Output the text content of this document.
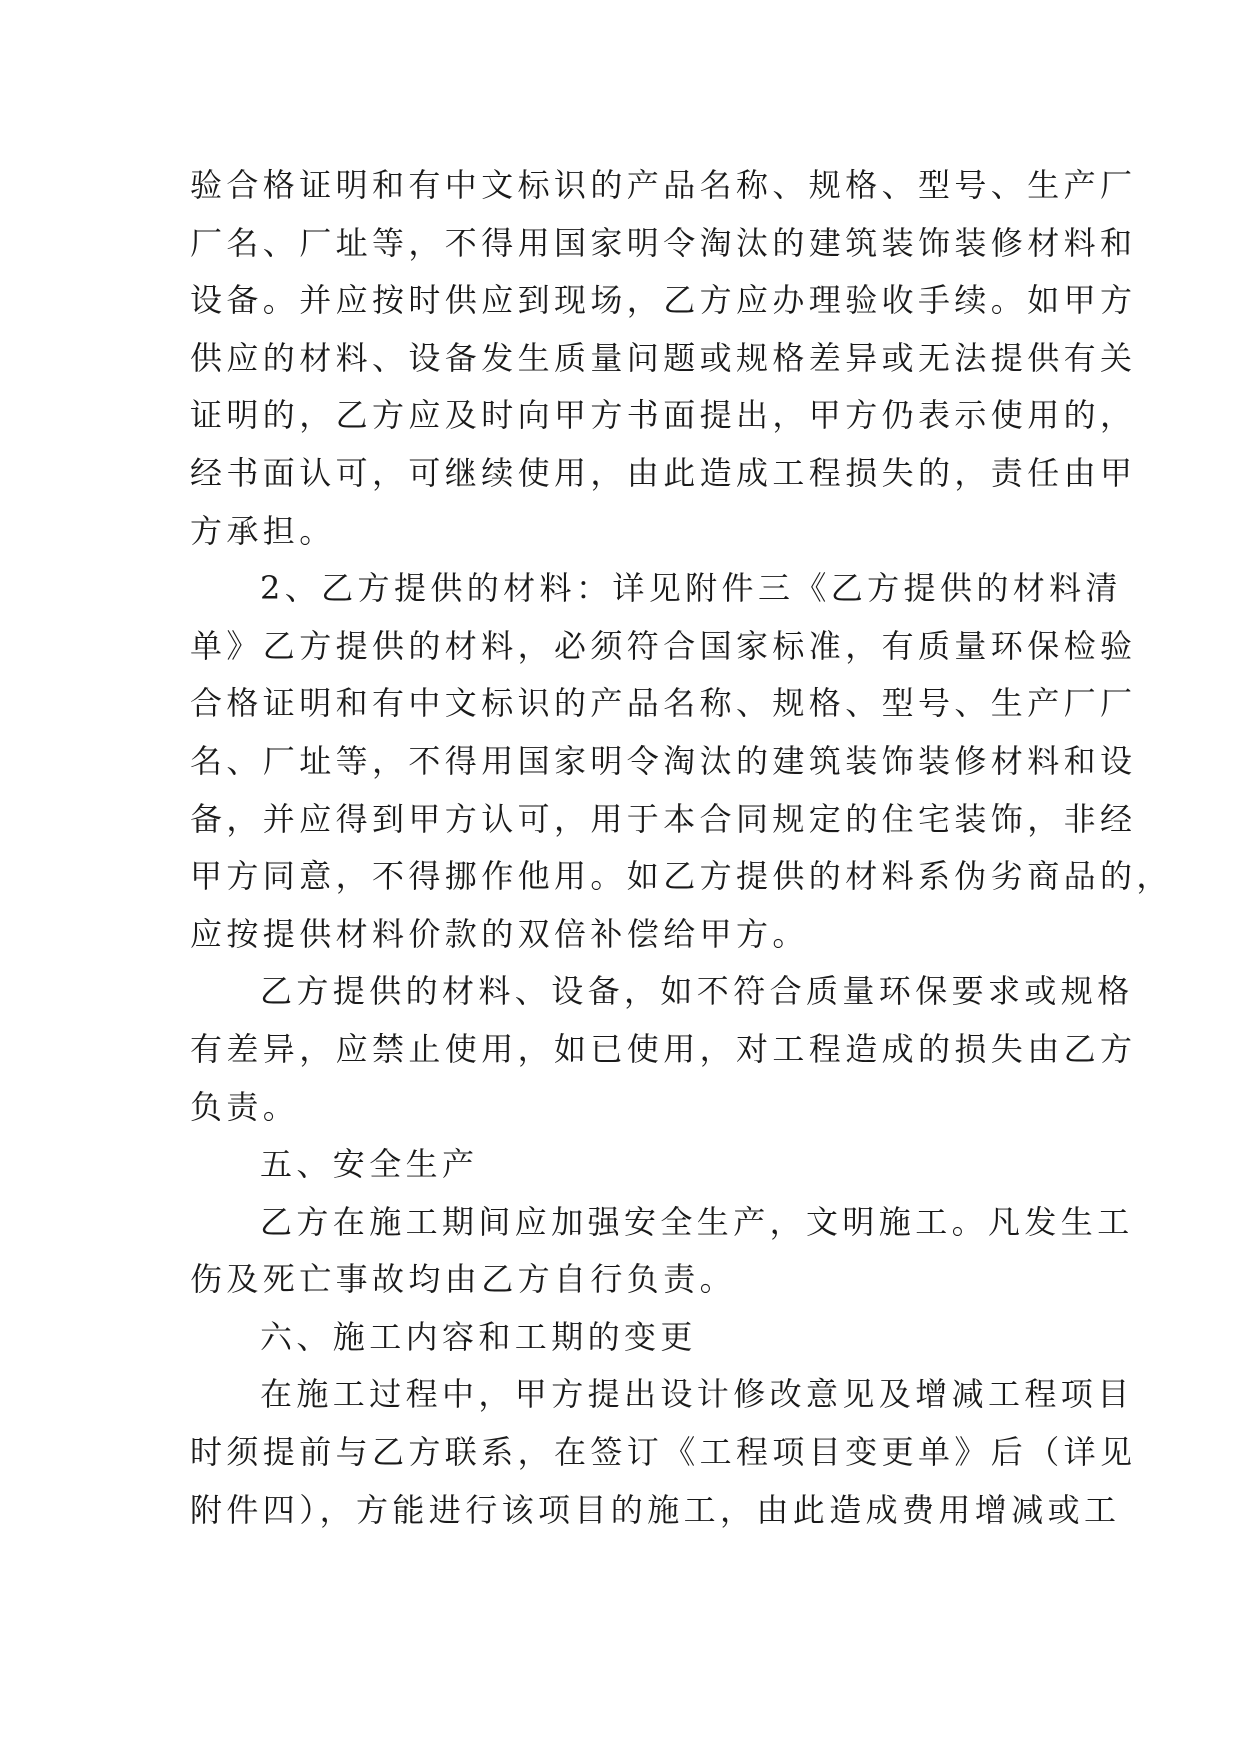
验合格证明和有中文标识的产品名称、规格、型号、生产厂
厂名、厂址等，不得用国家明令淘汰的建筑装饰装修材料和
设备。并应按时供应到现场，乙方应办理验收手续。如甲方
供应的材料、设备发生质量问题或规格差异或无法提供有关
证明的，乙方应及时向甲方书面提出，甲方仍表示使用的，
经书面认可，可继续使用，由此造成工程损失的，责任由甲
方承担。
2、乙方提供的材料：详见附件三《乙方提供的材料清
单》乙方提供的材料，必须符合国家标准，有质量环保检验
合格证明和有中文标识的产品名称、规格、型号、生产厂厂
名、厂址等，不得用国家明令淘汰的建筑装饰装修材料和设
备，并应得到甲方认可，用于本合同规定的住宅装饰，非经
甲方同意，不得挪作他用。如乙方提供的材料系伪劣商品的，
应按提供材料价款的双倍补偿给甲方。
乙方提供的材料、设备，如不符合质量环保要求或规格
有差异，应禁止使用，如已使用，对工程造成的损失由乙方
负责。
五、安全生产
乙方在施工期间应加强安全生产，文明施工。凡发生工
伤及死亡事故均由乙方自行负责。
六、施工内容和工期的变更
在施工过程中，甲方提出设计修改意见及增减工程项目
时须提前与乙方联系，在签订《工程项目变更单》后（详见
附件四），方能进行该项目的施工，由此造成费用增减或工
